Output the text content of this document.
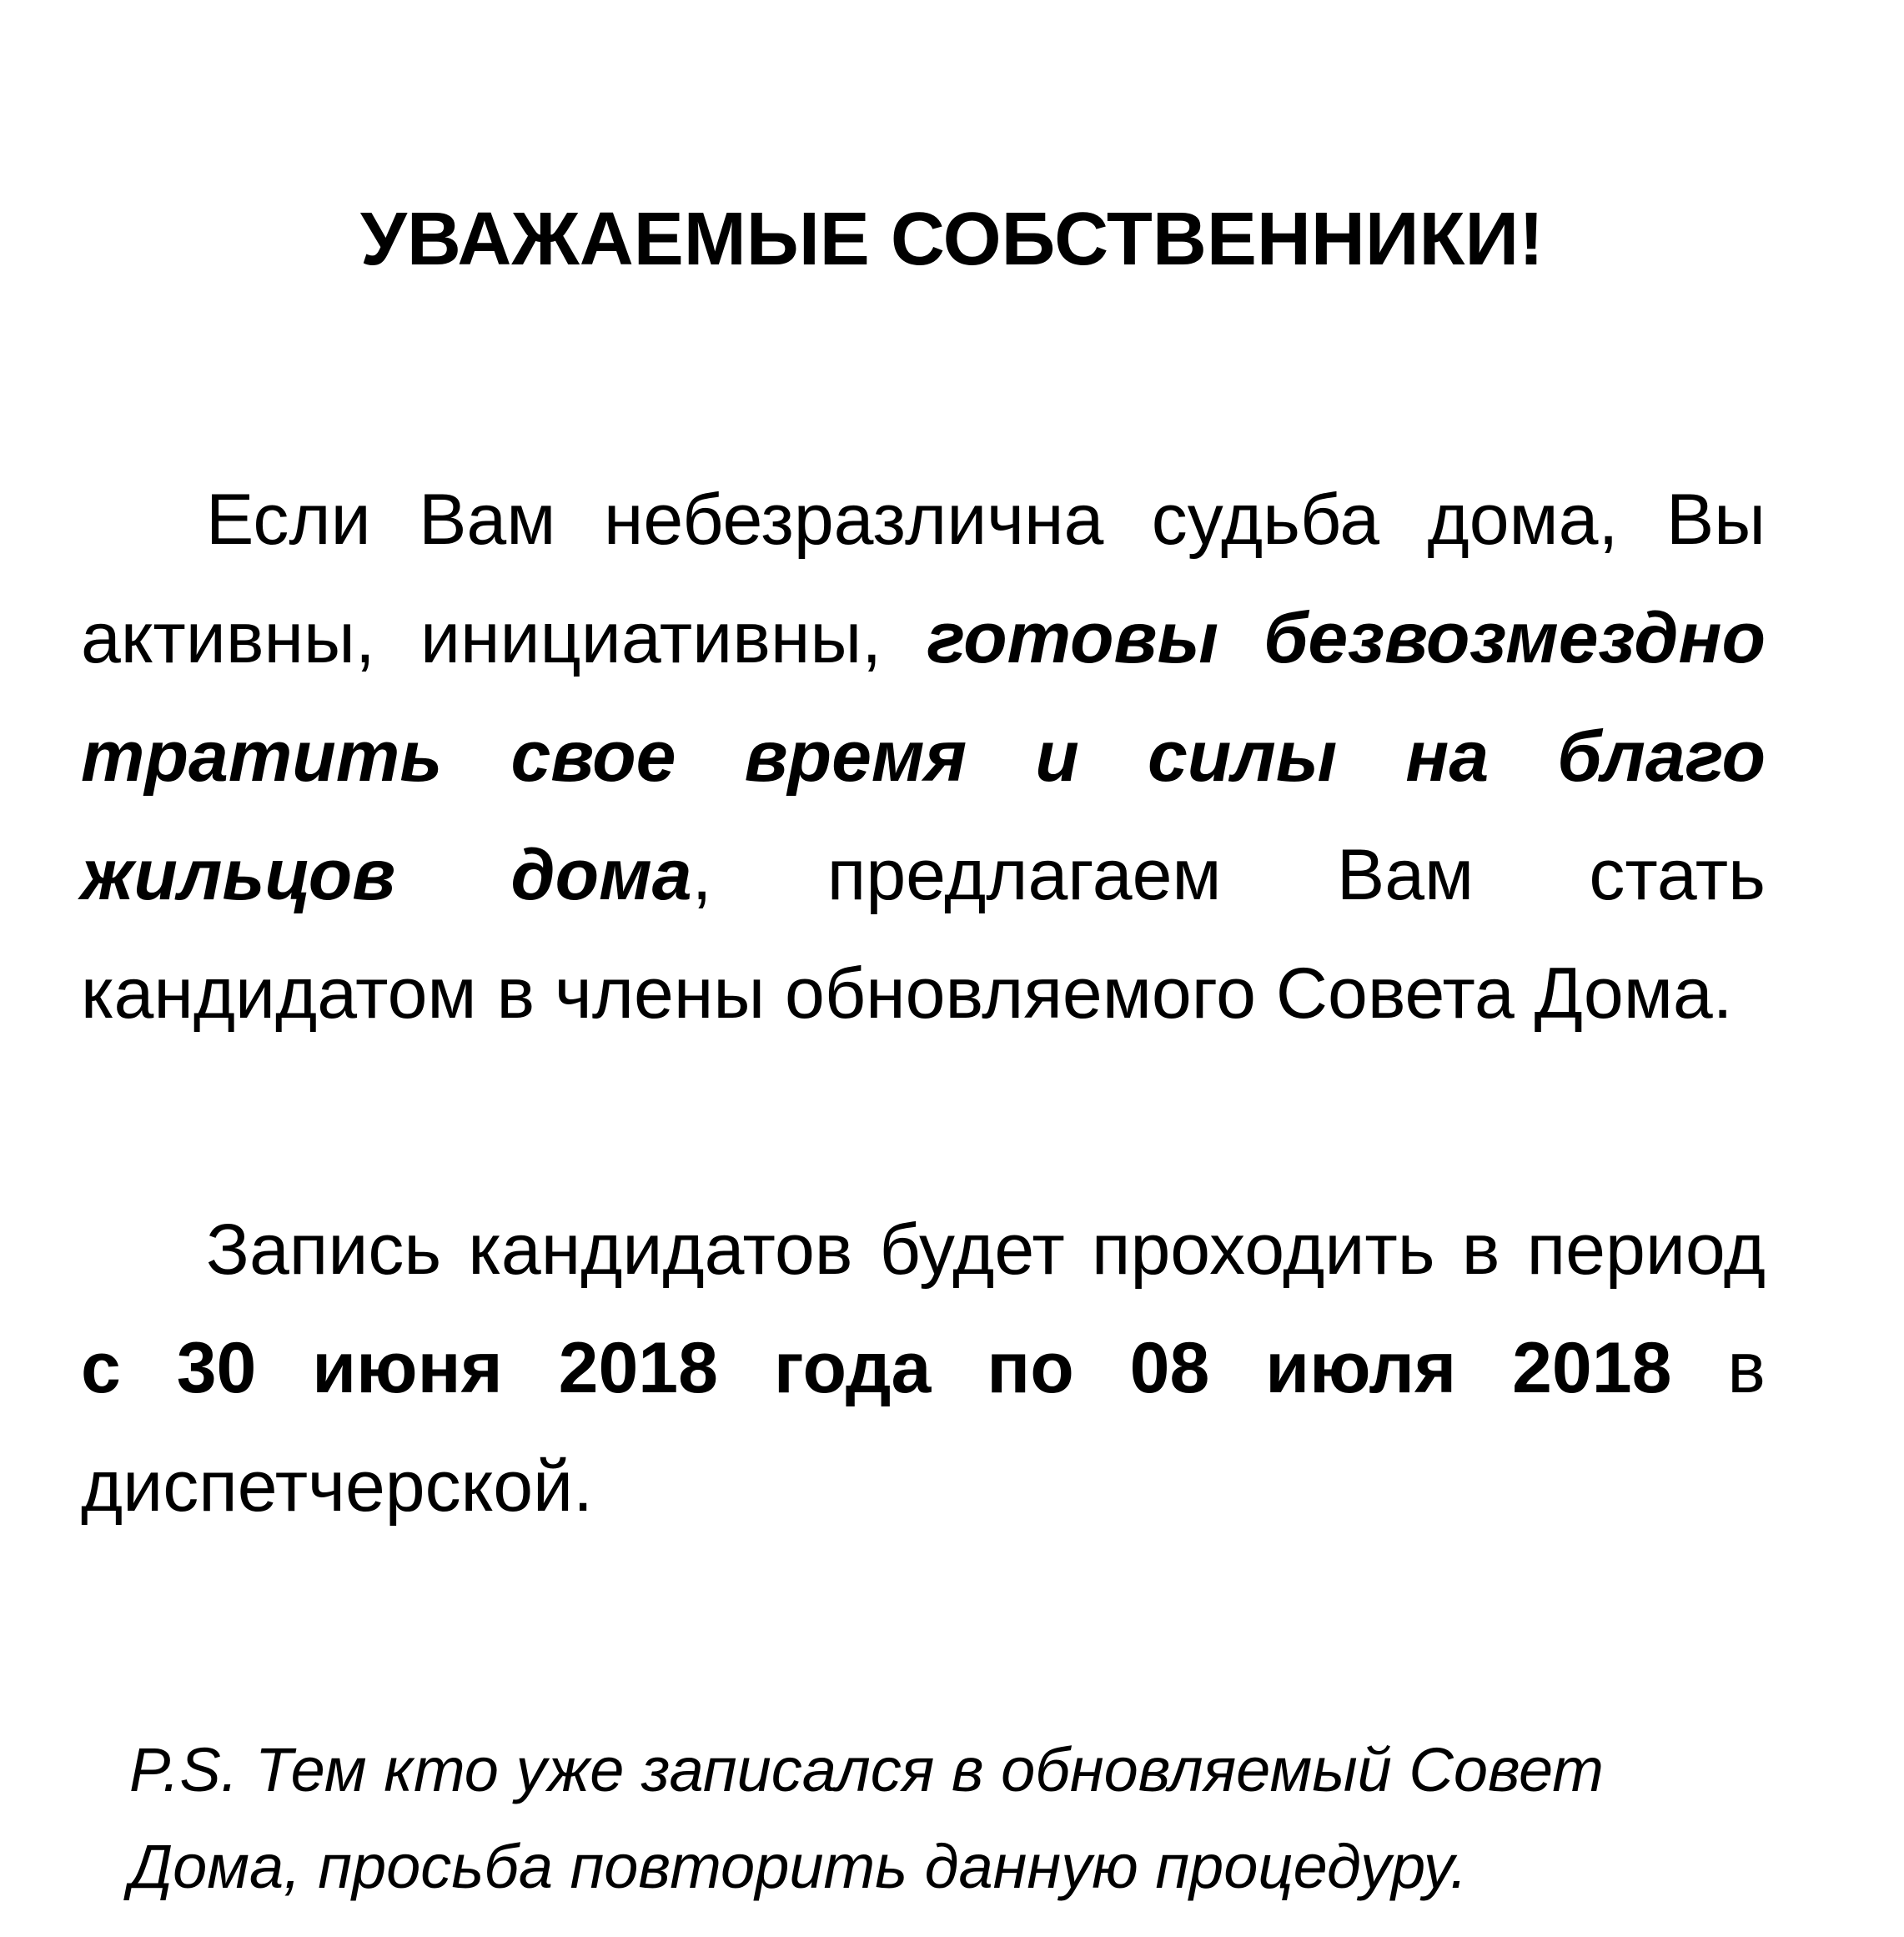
УВАЖАЕМЫЕ СОБСТВЕННИКИ!

Если Вам небезразлична судьба дома, Вы активны, инициативны, готовы безвозмездно тратить свое время и силы на благо жильцов дома, предлагаем Вам стать кандидатом в члены обновляемого Совета Дома.

Запись кандидатов будет проходить в период с 30 июня 2018 года по 08 июля 2018 в диспетчерской.

P.S. Тем кто уже записался в обновляемый Совет
Дома, просьба повторить данную процедуру.
